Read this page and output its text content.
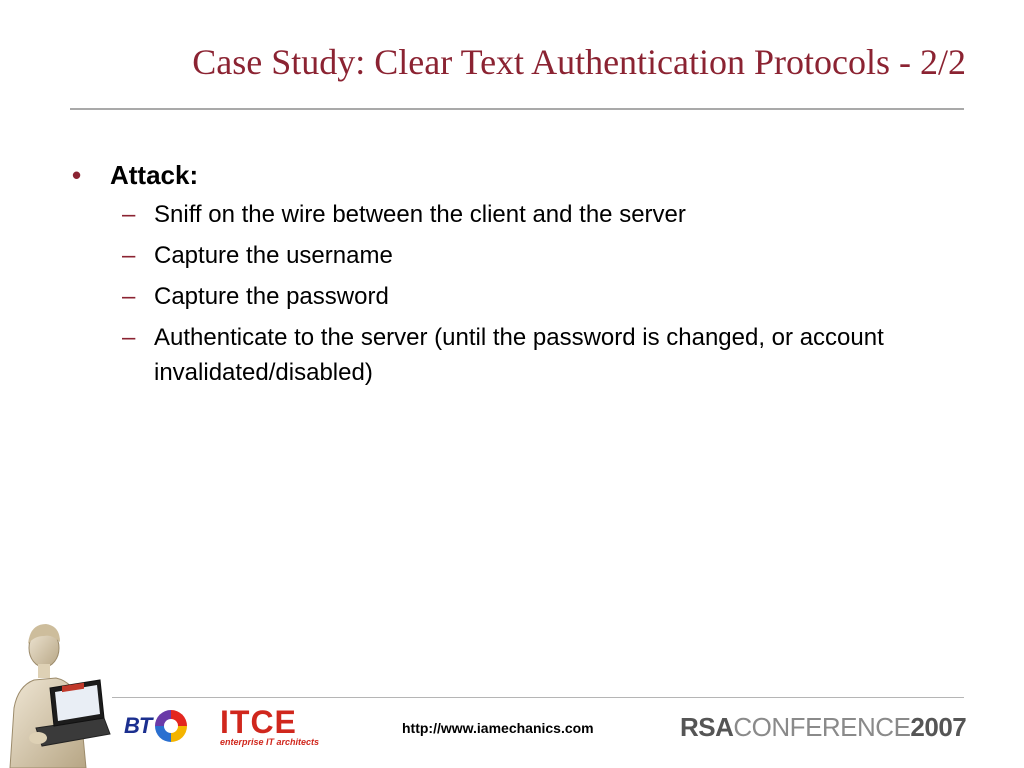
Case Study: Clear Text Authentication Protocols - 2/2
• Attack:
– Sniff on the wire between the client and the server
– Capture the username
– Capture the password
– Authenticate to the server (until the password is changed, or account invalidated/disabled)
BT ITCE
enterprise IT architects
http://www.iamechanics.com	RSACONFERENCE2007
